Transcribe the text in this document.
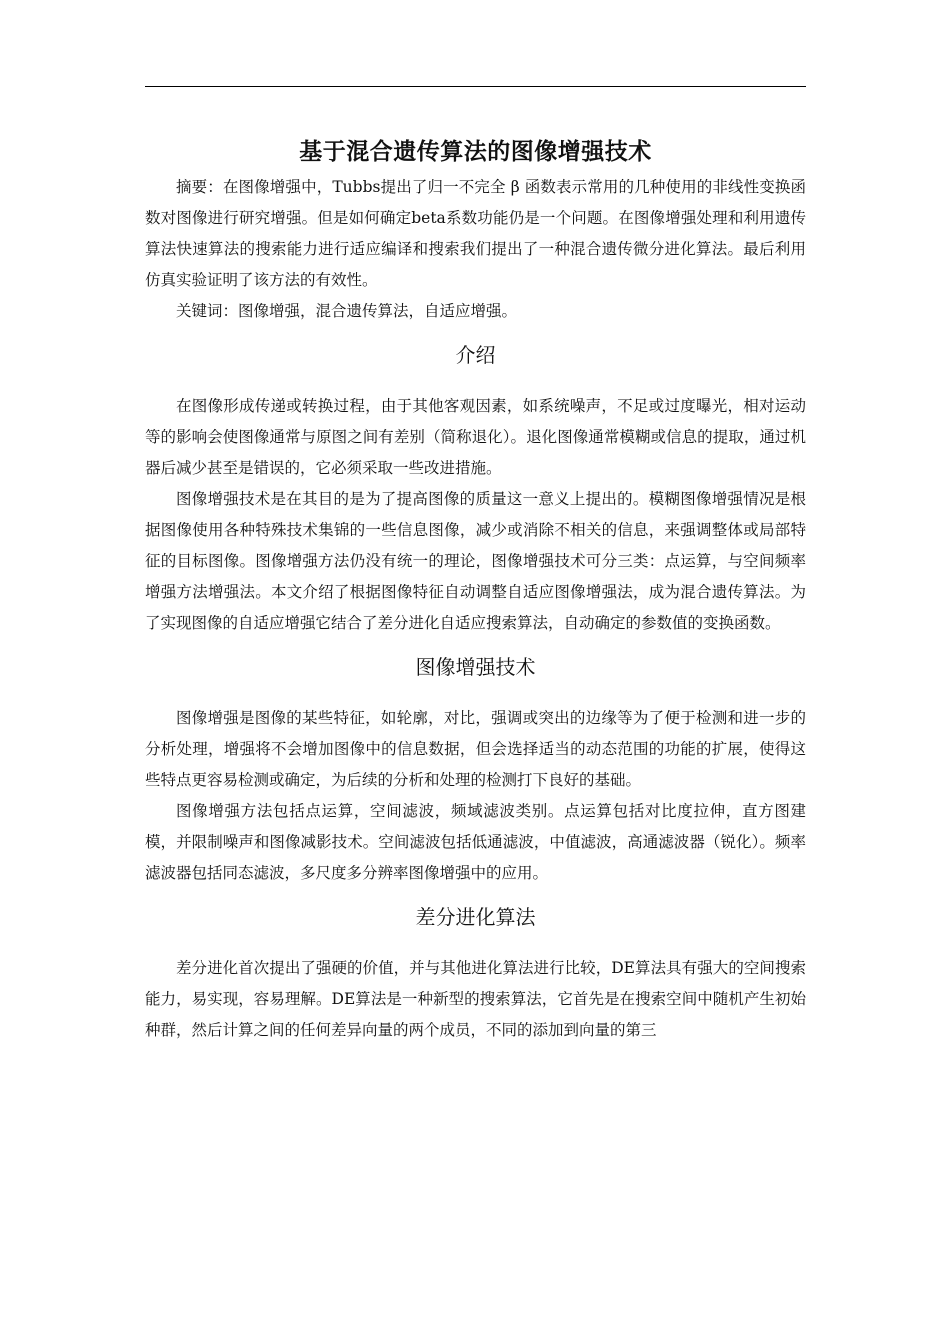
基于混合遗传算法的图像增强技术

摘要：在图像增强中，Tubbs提出了归一不完全 β 函数表示常用的几种使用的非线性变换函数对图像进行研究增强。但是如何确定beta系数功能仍是一个问题。在图像增强处理和利用遗传算法快速算法的搜索能力进行适应编译和搜索我们提出了一种混合遗传微分进化算法。最后利用仿真实验证明了该方法的有效性。

关键词：图像增强，混合遗传算法，自适应增强。

介绍

在图像形成传递或转换过程，由于其他客观因素，如系统噪声，不足或过度曝光，相对运动等的影响会使图像通常与原图之间有差别（简称退化）。退化图像通常模糊或信息的提取，通过机器后减少甚至是错误的，它必须采取一些改进措施。

图像增强技术是在其目的是为了提高图像的质量这一意义上提出的。模糊图像增强情况是根据图像使用各种特殊技术集锦的一些信息图像，减少或消除不相关的信息，来强调整体或局部特征的目标图像。图像增强方法仍没有统一的理论，图像增强技术可分三类：点运算，与空间频率增强方法增强法。本文介绍了根据图像特征自动调整自适应图像增强法，成为混合遗传算法。为了实现图像的自适应增强它结合了差分进化自适应搜索算法，自动确定的参数值的变换函数。

图像增强技术

图像增强是图像的某些特征，如轮廓，对比，强调或突出的边缘等为了便于检测和进一步的分析处理，增强将不会增加图像中的信息数据，但会选择适当的动态范围的功能的扩展，使得这些特点更容易检测或确定，为后续的分析和处理的检测打下良好的基础。

图像增强方法包括点运算，空间滤波，频域滤波类别。点运算包括对比度拉伸，直方图建模，并限制噪声和图像减影技术。空间滤波包括低通滤波，中值滤波，高通滤波器（锐化）。频率滤波器包括同态滤波，多尺度多分辨率图像增强中的应用。

差分进化算法

差分进化首次提出了强硬的价值，并与其他进化算法进行比较，DE算法具有强大的空间搜索能力，易实现，容易理解。DE算法是一种新型的搜索算法，它首先是在搜索空间中随机产生初始种群，然后计算之间的任何差异向量的两个成员，不同的添加到向量的第三
